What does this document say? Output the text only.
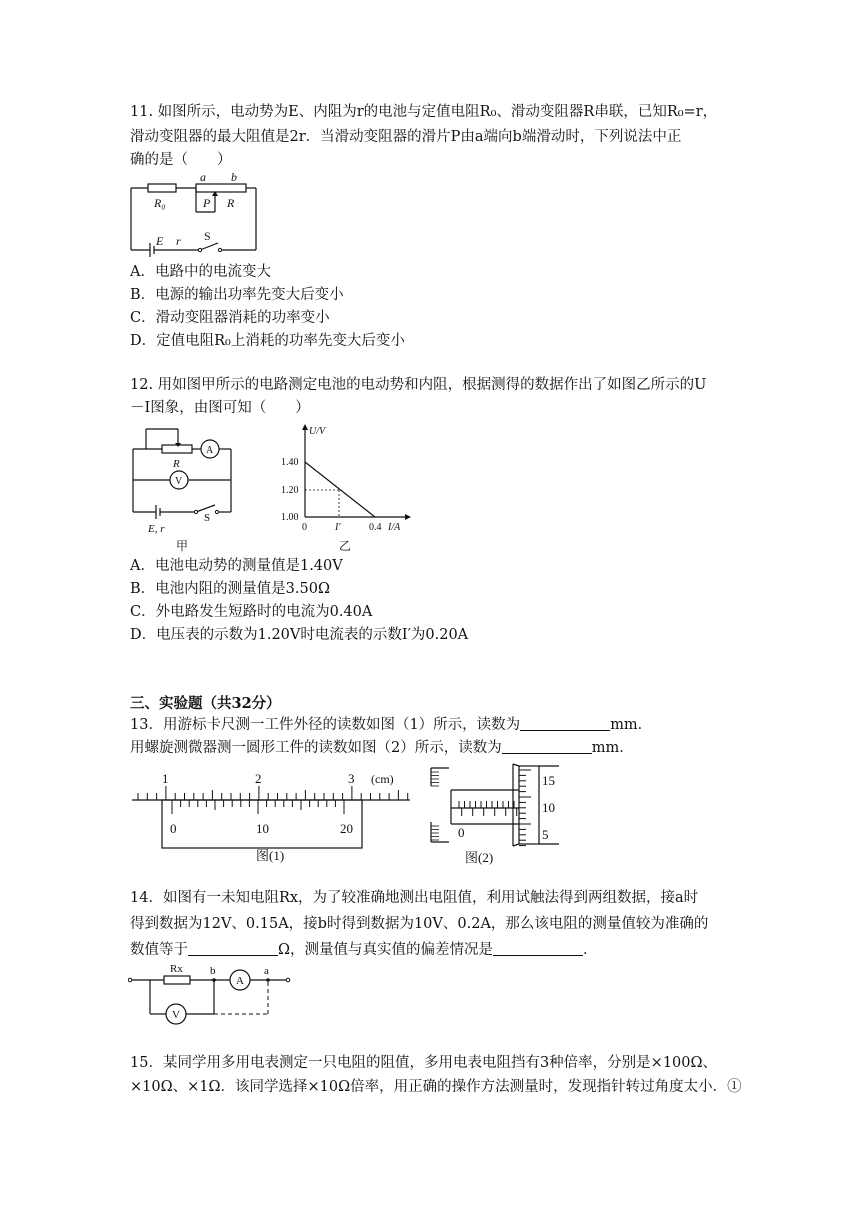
11. 如图所示，电动势为E、内阻为r的电池与定值电阻R₀、滑动变阻器R串联，已知R₀=r，
滑动变阻器的最大阻值是2r．当滑动变阻器的滑片P由a端向b端滑动时，下列说法中正
确的是（　　）
a b
R₀	P R
E r S
A．电路中的电流变大
B．电源的输出功率先变大后变小
C．滑动变阻器消耗的功率变小
D．定值电阻R₀上消耗的功率先变大后变小
12. 用如图甲所示的电路测定电池的电动势和内阻，根据测得的数据作出了如图乙所示的U
－I图象，由图可知（　　）
R
A
V
E, r
S
甲
U/V
1.40
1.20
1.00
0	I'	0.4 I/A
乙
A．电池电动势的测量值是1.40V
B．电池内阻的测量值是3.50Ω
C．外电路发生短路时的电流为0.40A
D．电压表的示数为1.20V时电流表的示数I′为0.20A
三、实验题（共32分）
13．用游标卡尺测一工件外径的读数如图（1）所示，读数为	mm．
用螺旋测微器测一圆形工件的读数如图（2）所示，读数为	mm．
1	2	3 (cm)
0	10	20
图(1)
15
10
5
0
图(2)
14．如图有一未知电阻Rx，为了较准确地测出电阻值，利用试触法得到两组数据，接a时
得到数据为12V、0.15A，接b时得到数据为10V、0.2A，那么该电阻的测量值较为准确的
数值等于	Ω，测量值与真实值的偏差情况是	．
Rx b
A
a
V
15．某同学用多用电表测定一只电阻的阻值，多用电表电阻挡有3种倍率，分别是×100Ω、
×10Ω、×1Ω．该同学选择×10Ω倍率，用正确的操作方法测量时，发现指针转过角度太小．①
